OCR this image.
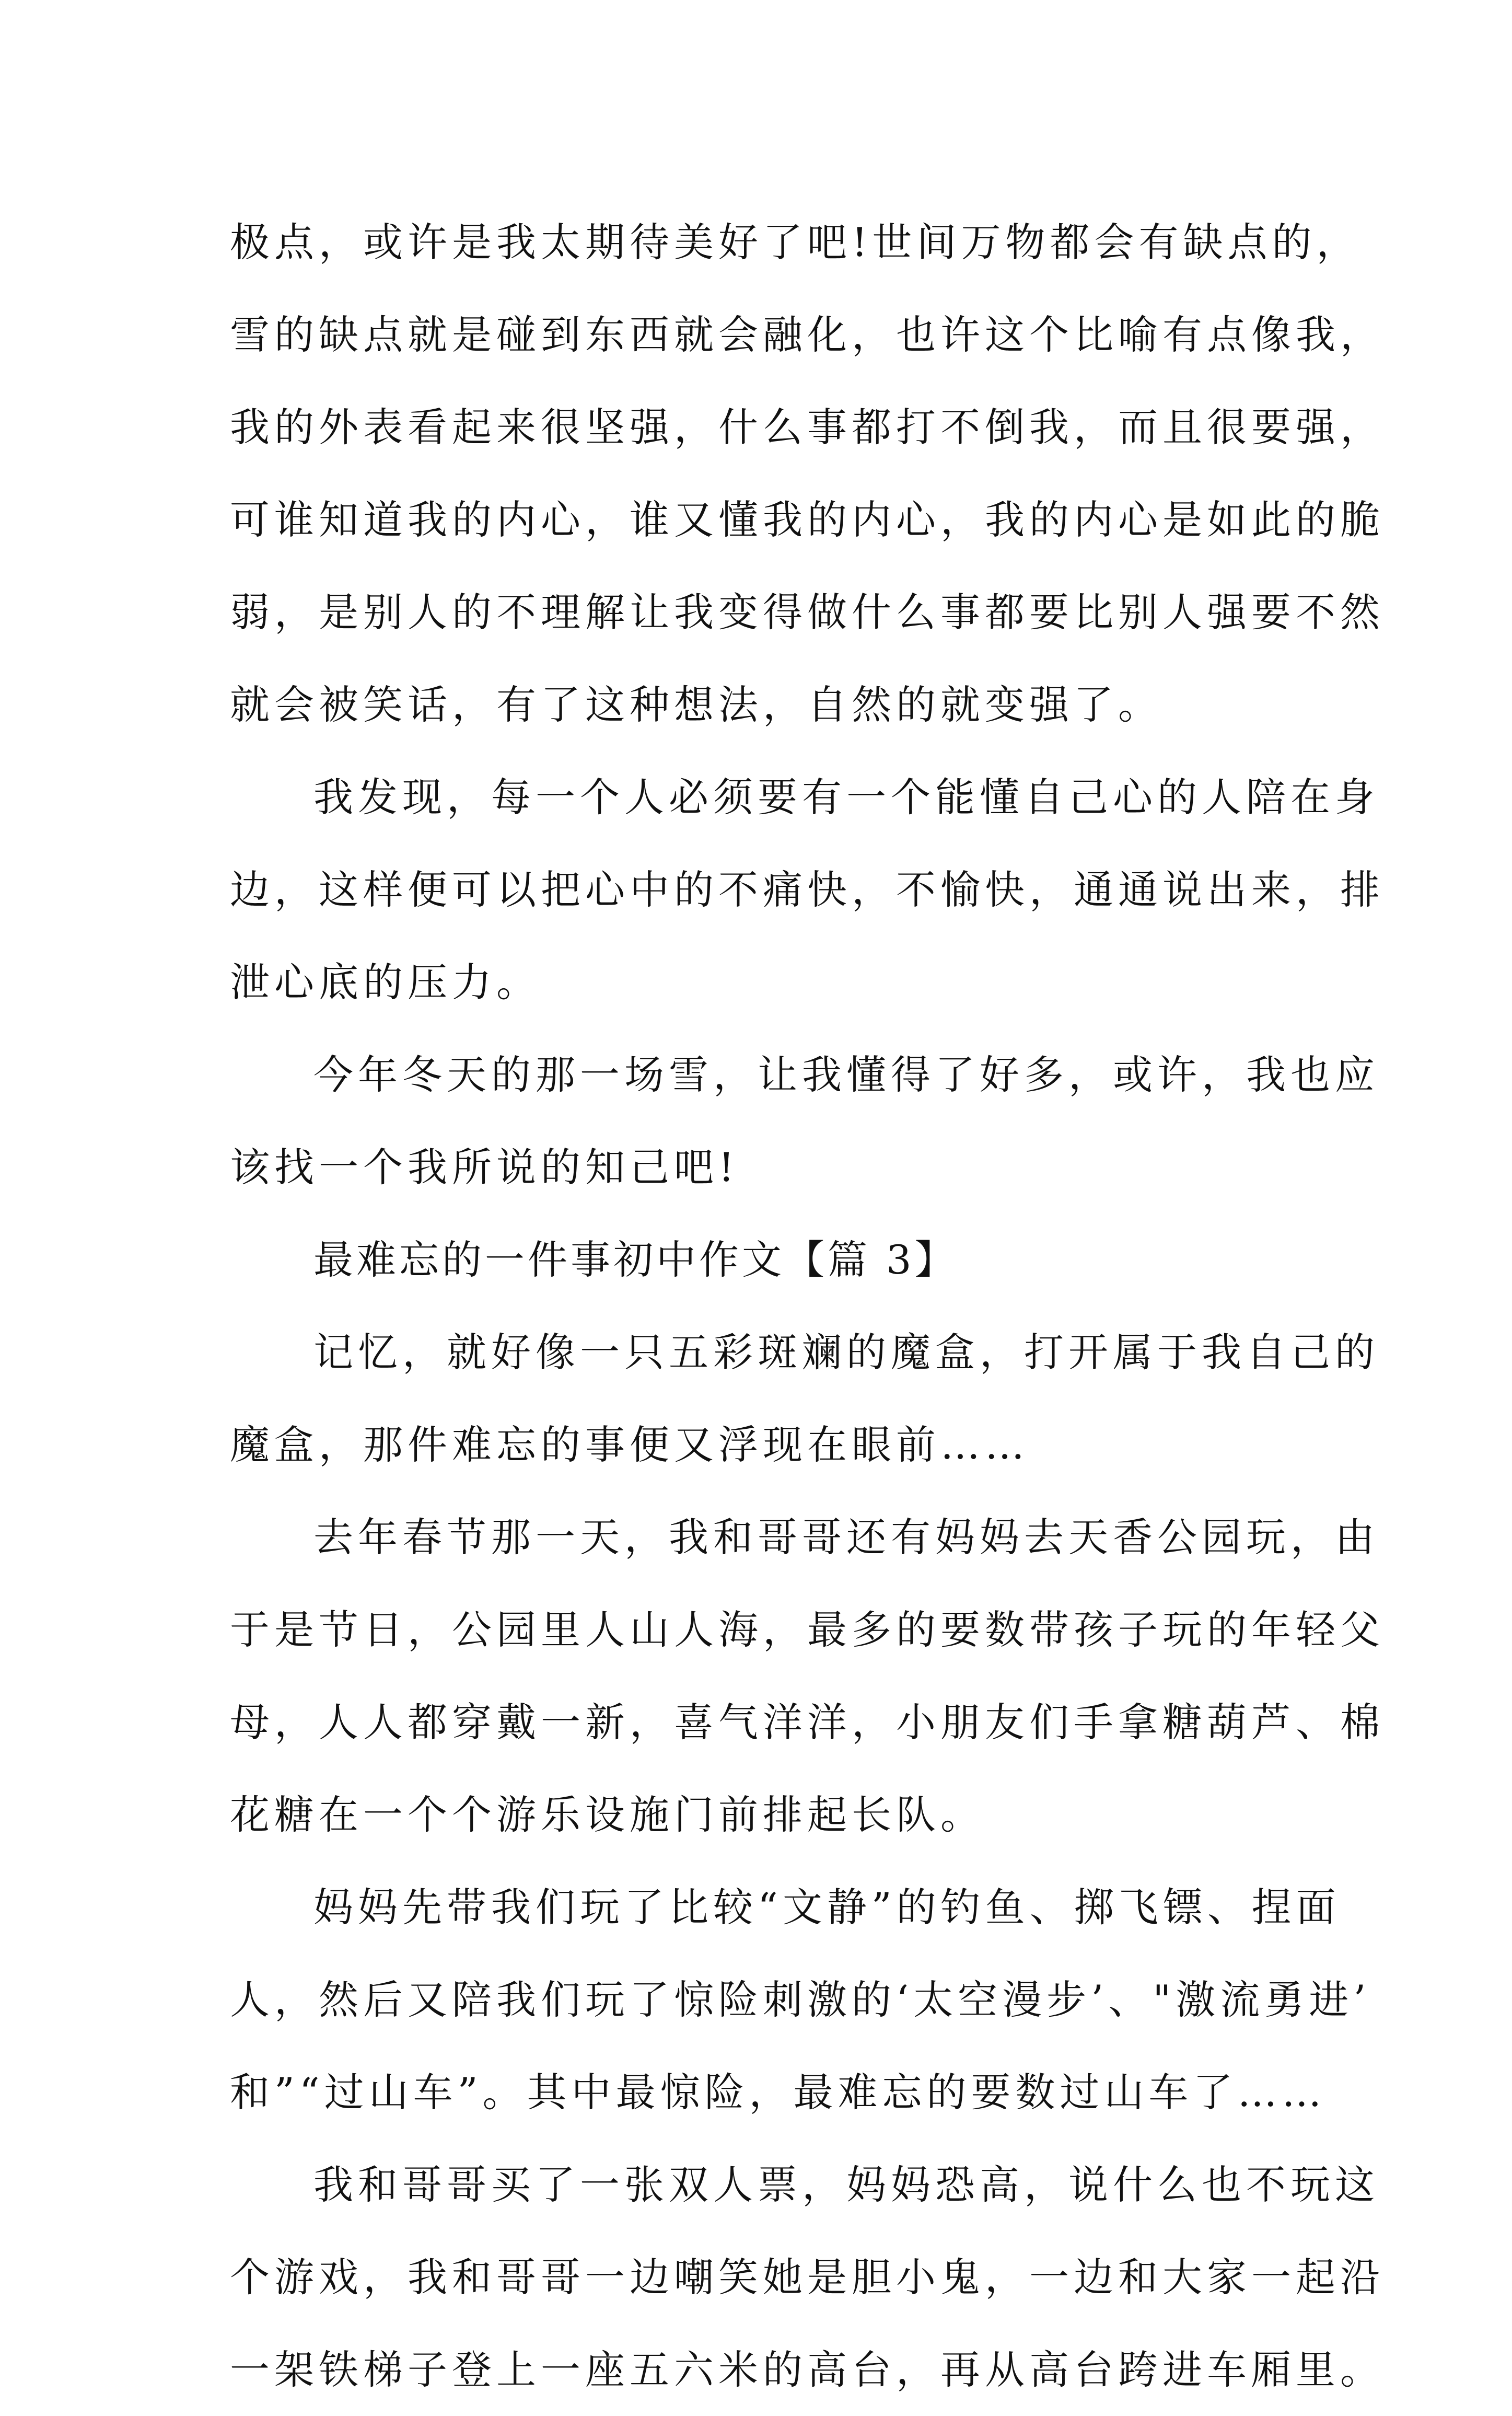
极点，或许是我太期待美好了吧!世间万物都会有缺点的，
雪的缺点就是碰到东西就会融化，也许这个比喻有点像我，
我的外表看起来很坚强，什么事都打不倒我，而且很要强，
可谁知道我的内心，谁又懂我的内心，我的内心是如此的脆
弱，是别人的不理解让我变得做什么事都要比别人强要不然
就会被笑话，有了这种想法，自然的就变强了。
我发现，每一个人必须要有一个能懂自己心的人陪在身
边，这样便可以把心中的不痛快，不愉快，通通说出来，排
泄心底的压力。
今年冬天的那一场雪，让我懂得了好多，或许，我也应
该找一个我所说的知己吧!
最难忘的一件事初中作文【篇 3】
记忆，就好像一只五彩斑斓的魔盒，打开属于我自己的
魔盒，那件难忘的事便又浮现在眼前……
去年春节那一天，我和哥哥还有妈妈去天香公园玩，由
于是节日，公园里人山人海，最多的要数带孩子玩的年轻父
母，人人都穿戴一新，喜气洋洋，小朋友们手拿糖葫芦、棉
花糖在一个个游乐设施门前排起长队。
妈妈先带我们玩了比较“文静”的钓鱼、掷飞镖、捏面
人，然后又陪我们玩了惊险刺激的‘太空漫步’、"激流勇进’
和”“过山车”。其中最惊险，最难忘的要数过山车了……
我和哥哥买了一张双人票，妈妈恐高，说什么也不玩这
个游戏，我和哥哥一边嘲笑她是胆小鬼，一边和大家一起沿
一架铁梯子登上一座五六米的高台，再从高台跨进车厢里。
